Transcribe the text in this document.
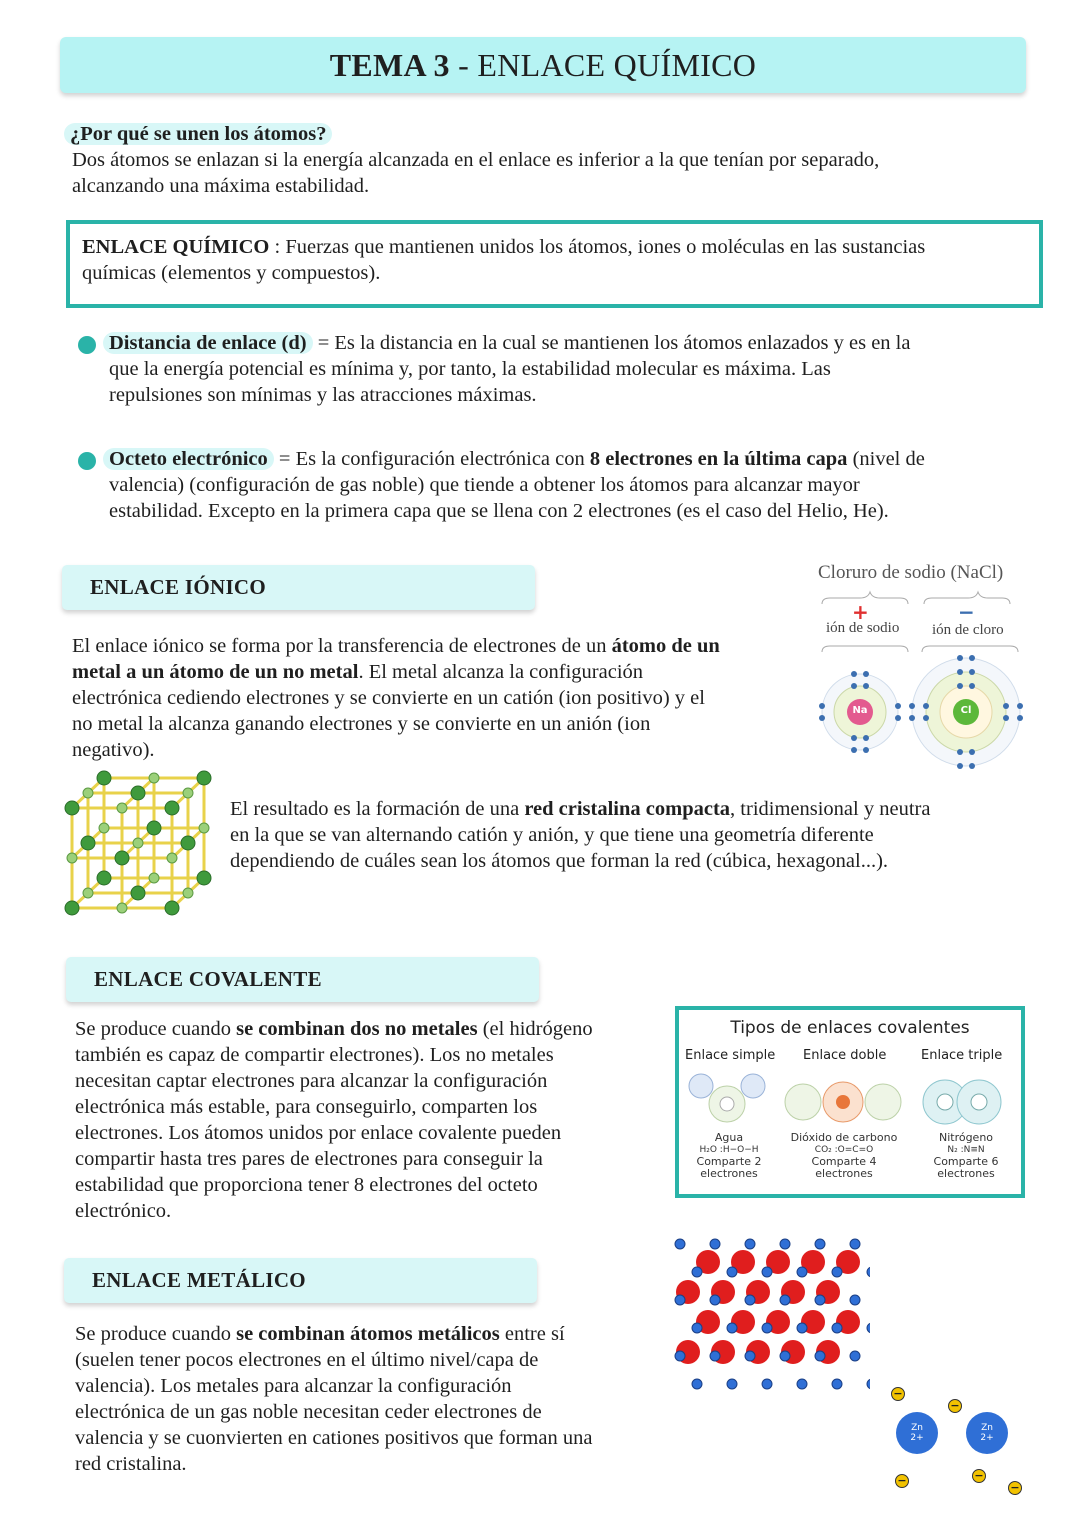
TEMA 3 - ENLACE QUÍMICO
¿Por qué se unen los átomos?
Dos átomos se enlazan si la energía alcanzada en el enlace es inferior a la que tenían por separado,
alcanzando una máxima estabilidad.
ENLACE QUÍMICO : Fuerzas que mantienen unidos los átomos, iones o moléculas en las sustancias
químicas (elementos y compuestos).
Distancia de enlace (d) = Es la distancia en la cual se mantienen los átomos enlazados y es en la
que la energía potencial es mínima y, por tanto, la estabilidad molecular es máxima. Las
repulsiones son mínimas y las atracciones máximas.
Octeto electrónico = Es la configuración electrónica con 8 electrones en la última capa (nivel de
valencia) (configuración de gas noble) que tiende a obtener los átomos para alcanzar mayor
estabilidad. Excepto en la primera capa que se llena con 2 electrones (es el caso del Helio, He).
ENLACE IÓNICO
El enlace iónico se forma por la transferencia de electrones de un átomo de un
metal a un átomo de un no metal. El metal alcanza la configuración
electrónica cediendo electrones y se convierte en un catión (ion positivo) y el
no metal la alcanza ganando electrones y se convierte en un anión (ion
negativo).
Cloruro de sodio (NaCl)
+	−
ión de sodio ión de cloro
Na	Cl
El resultado es la formación de una red cristalina compacta, tridimensional y neutra
en la que se van alternando catión y anión, y que tiene una geometría diferente
dependiendo de cuáles sean los átomos que forman la red (cúbica, hexagonal...).
ENLACE COVALENTE
Se produce cuando se combinan dos no metales (el hidrógeno
también es capaz de compartir electrones). Los no metales
necesitan captar electrones para alcanzar la configuración
electrónica más estable, para conseguirlo, comparten los
electrones. Los átomos unidos por enlace covalente pueden
compartir hasta tres pares de electrones para conseguir la
estabilidad que proporciona tener 8 electrones del octeto
electrónico.
Tipos de enlaces covalentes
Enlace simple Enlace doble	Enlace triple
Agua
H₂O :H−O−H
Comparte 2
electrones
Dióxido de carbono
CO₂ :O=C=O
Comparte 4
electrones
Nitrógeno
N₂ :N≡N
Comparte 6
electrones
ENLACE METÁLICO
Se produce cuando se combinan átomos metálicos entre sí
(suelen tener pocos electrones en el último nivel/capa de
valencia). Los metales para alcanzar la configuración
electrónica de un gas noble necesitan ceder electrones de
valencia y se cuonvierten en cationes positivos que forman una
red cristalina.
Zn
2+
Zn
2+
−
−
−	−
−
